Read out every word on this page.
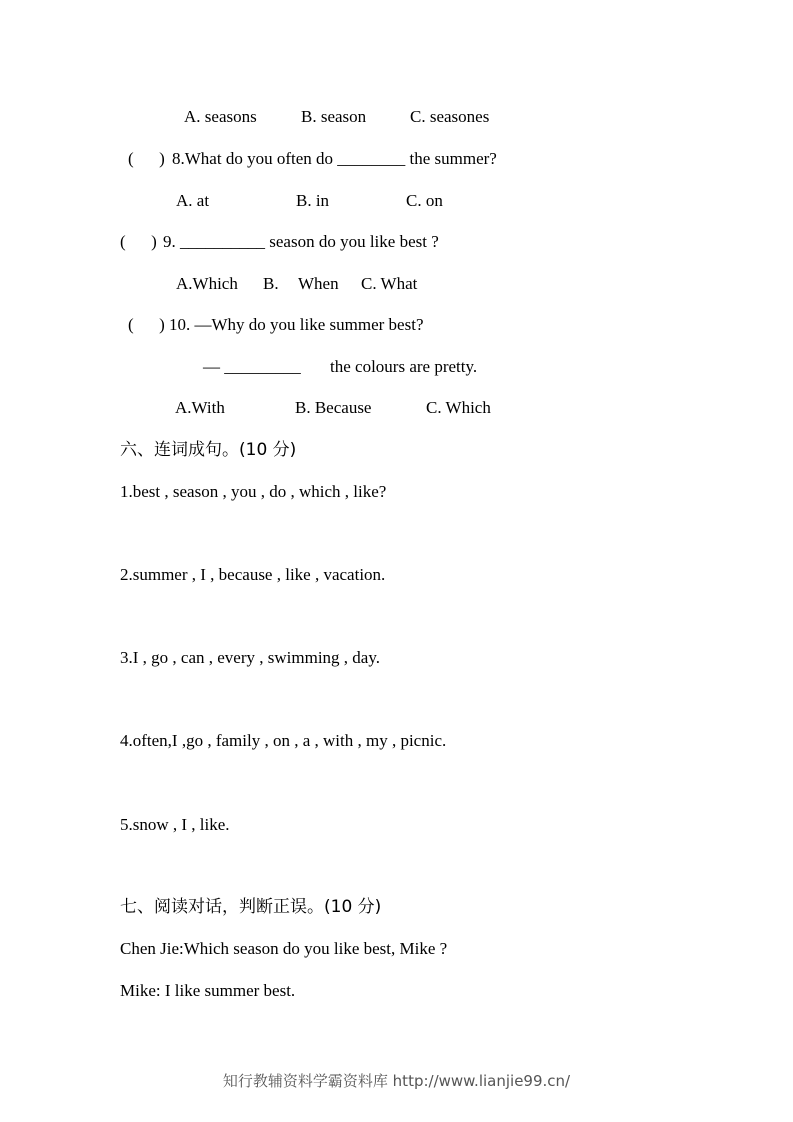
A. seasons	B. season	C. seasones
(      ) 8.What do you often do ________ the summer?
A. at	B. in	C. on
(      ) 9. __________ season do you like best ?
A.Which B. When C. What
(      ) 10. —Why do you like summer best?
— _________ the colours are pretty.
A.With	B. Because	C. Which
六、连词成句。(10 分)
1.best , season , you , do , which , like?
2.summer , I , because , like , vacation.
3.I , go , can , every , swimming , day.
4.often,I ,go , family , on , a , with , my , picnic.
5.snow , I , like.
七、阅读对话，判断正误。(10 分)
Chen Jie:Which season do you like best, Mike ?
Mike: I like summer best.
知行教辅资料学霸资料库 http://www.lianjie99.cn/
